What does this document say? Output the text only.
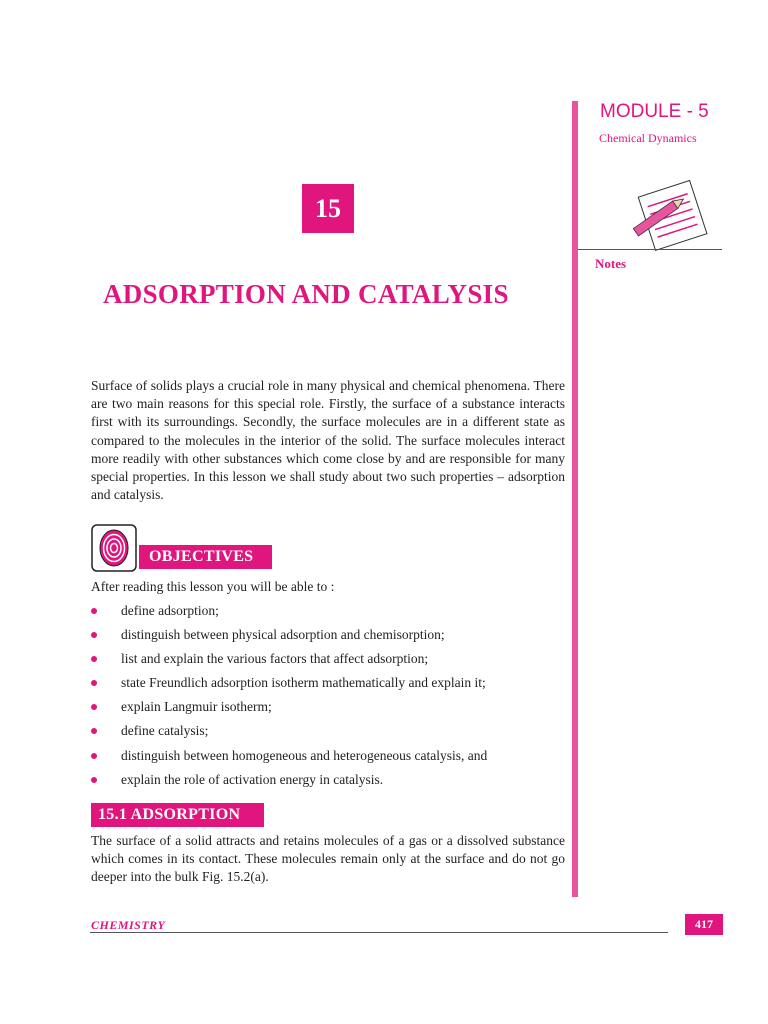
MODULE - 5
Chemical Dynamics
Notes
15
ADSORPTION AND CATALYSIS
Surface of solids plays a crucial role in many physical and chemical phenomena. There are two main reasons for this special role. Firstly, the surface of a substance interacts first with its surroundings. Secondly, the surface molecules are in a different state as compared to the molecules in the interior of the solid. The surface molecules interact more readily with other substances which come close by and are responsible for many special properties. In this lesson we shall study about two such properties – adsorption and catalysis.
OBJECTIVES
After reading this lesson you will be able to :
define adsorption;
distinguish between physical adsorption and chemisorption;
list and explain the various factors that affect adsorption;
state Freundlich adsorption isotherm mathematically and explain it;
explain Langmuir isotherm;
define catalysis;
distinguish between homogeneous and heterogeneous catalysis, and
explain the role of activation energy in catalysis.
15.1 ADSORPTION
The surface of a solid attracts and retains molecules of a gas or a dissolved substance which comes in its contact. These molecules remain only at the surface and do not go deeper into the bulk Fig. 15.2(a).
CHEMISTRY	417
